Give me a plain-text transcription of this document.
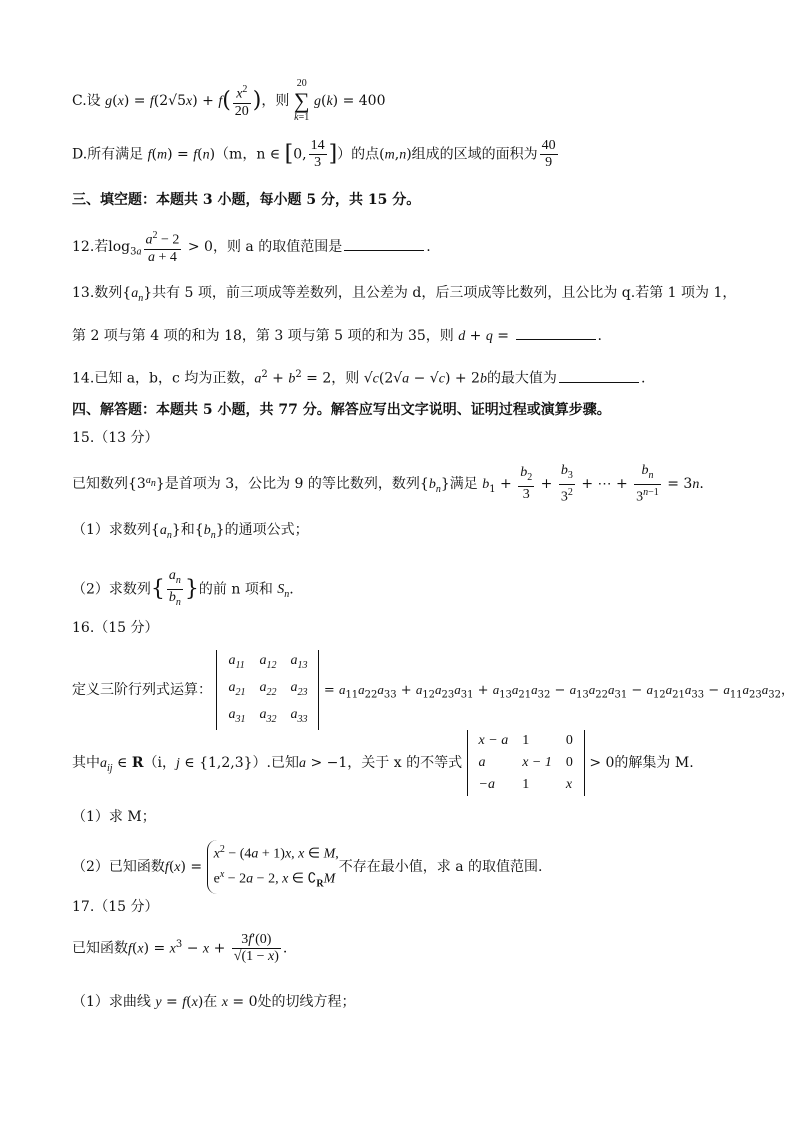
C.设 $g(x) = f(2√5x) + f( \frac{x^2}{20}$ )，则
20
∑
k=1
g(k) = 400
D.所有满足 f(m) = f(n)（m，n ∈ [0, $\frac{14}{3}$ ]）的点(m,n)组成的区域的面积为 $\frac{40}{9}$
三、填空题：本题共 3 小题，每小题 5 分，共 15 分。
12.若$\log_{3a} \frac{a^2 - 2}{a + 4} > 0$，则 a 的取值范围是	.
13.数列$\{a_n\}$共有 5 项，前三项成等差数列，且公差为 d，后三项成等比数列，且公比为 q.若第 1 项为 1，
第 2 项与第 4 项的和为 18，第 3 项与第 5 项的和为 35，则 d + q =	.
14.已知 a，b，c 均为正数，$a^2 + b^2 = 2$，则 √c(2√a − √c) + 2b的最大值为	.
四、解答题：本题共 5 小题，共 77 分。解答应写出文字说明、证明过程或演算步骤。
15.（13 分）
已知数列$\{3^{a_n}\}$是首项为 3，公比为 9 的等比数列，数列$\{b_n\}$满足 $b_1 + \frac{b_2}{3} + \frac{b_3}{3^2}$ + ⋯ + $\frac{b_n}{3^{n-1}} = 3n$.
（1）求数列$\{a_n\}$和$\{b_n\}$的通项公式；
（2）求数列{ $\frac{a_n}{b_n}$ }的前 n 项和 $S_n$.
16.（15 分）
定义三阶行列式运算： $a_{11}$	$a_{12}$	$a_{13}$
$a_{21}$	$a_{22}$	$a_{23}$
$a_{31}$	$a_{32}$	$a_{33} = a_{11}a_{22}a_{33} + a_{12}a_{23}a_{31} + a_{13}a_{21}a_{32} - a_{13}a_{22}a_{31} - a_{12}a_{21}a_{33} - a_{11}a_{23}a_{32}$，
其中$a_{ij}$ ∈ R（i，j ∈ {1,2,3}）.已知a > −1，关于 x 的不等式 x − a	1	0
a	x − 1	0
−a	1	x > 0的解集为 M.
（1）求 M；
（2）已知函数f(x) =
$x^2 - (4a + 1)x$, x ∈ M,
$e^x - 2a - 2$, x ∈ $∁_RM$
不存在最小值，求 a 的取值范围.
17.（15 分）
已知函数$f(x) = x^3 - x + \frac{3f'(0)}{√(1 - x)}$ .
（1）求曲线 y = f(x)在 x = 0处的切线方程；
